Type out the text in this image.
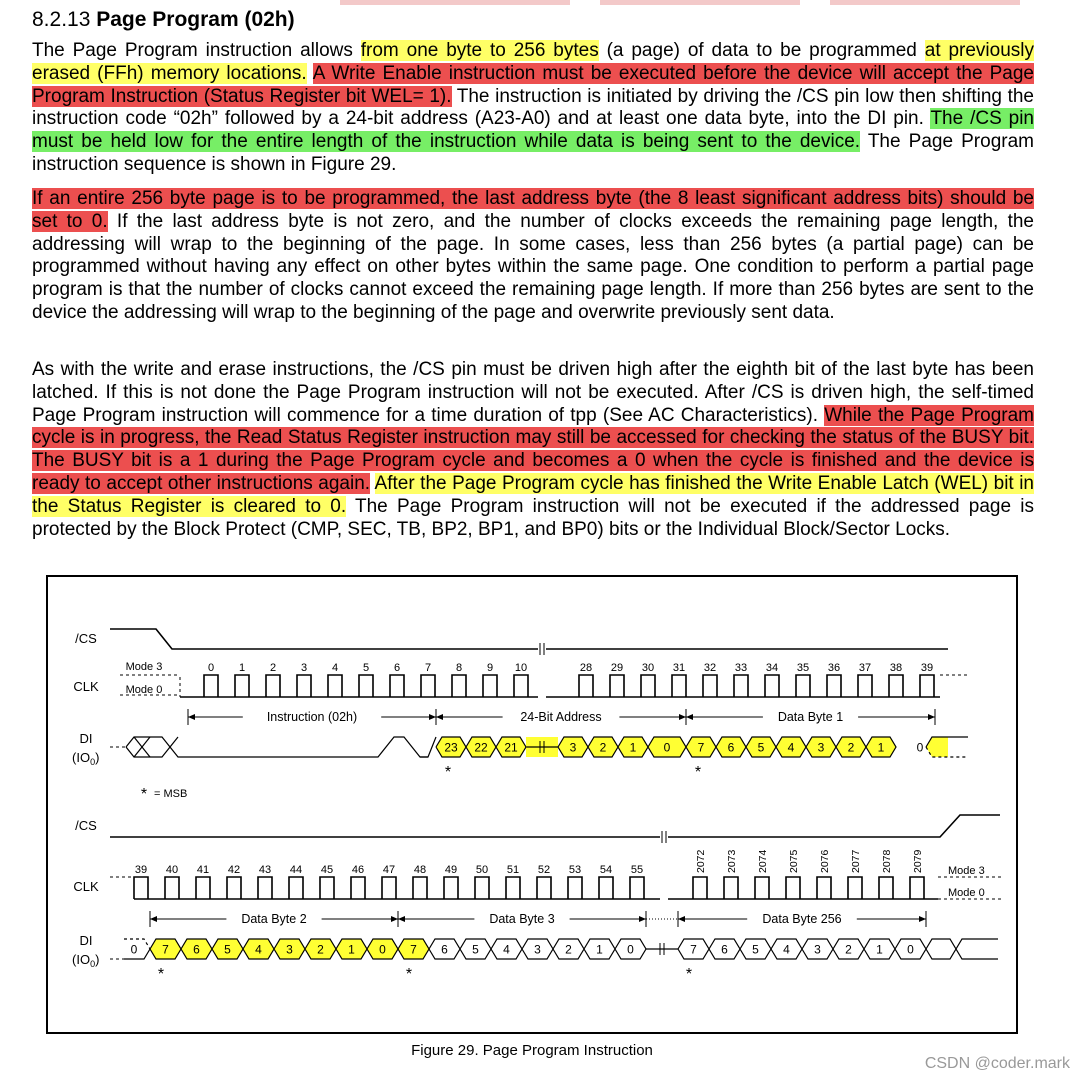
8.2.13 Page Program (02h)

The Page Program instruction allows from one byte to 256 bytes (a page) of data to be programmed at previously erased (FFh) memory locations. A Write Enable instruction must be executed before the device will accept the Page Program Instruction (Status Register bit WEL= 1). The instruction is initiated by driving the /CS pin low then shifting the instruction code “02h” followed by a 24-bit address (A23-A0) and at least one data byte, into the DI pin. The /CS pin must be held low for the entire length of the instruction while data is being sent to the device. The Page Program instruction sequence is shown in Figure 29.

If an entire 256 byte page is to be programmed, the last address byte (the 8 least significant address bits) should be set to 0. If the last address byte is not zero, and the number of clocks exceeds the remaining page length, the addressing will wrap to the beginning of the page. In some cases, less than 256 bytes (a partial page) can be programmed without having any effect on other bytes within the same page. One condition to perform a partial page program is that the number of clocks cannot exceed the remaining page length. If more than 256 bytes are sent to the device the addressing will wrap to the beginning of the page and overwrite previously sent data.

As with the write and erase instructions, the /CS pin must be driven high after the eighth bit of the last byte has been latched. If this is not done the Page Program instruction will not be executed. After /CS is driven high, the self-timed Page Program instruction will commence for a time duration of tpp (See AC Characteristics). While the Page Program cycle is in progress, the Read Status Register instruction may still be accessed for checking the status of the BUSY bit. The BUSY bit is a 1 during the Page Program cycle and becomes a 0 when the cycle is finished and the device is ready to accept other instructions again. After the Page Program cycle has finished the Write Enable Latch (WEL) bit in the Status Register is cleared to 0. The Page Program instruction will not be executed if the addressed page is protected by the Block Protect (CMP, SEC, TB, BP2, BP1, and BP0) bits or the Individual Block/Sector Locks.

/CS
CLK
Mode 3
Mode 0
0 1 2 3 4 5 6 7 8 9 10	28 29 30 31 32 33 34 35 36 37 38 39
Instruction (02h)	24-Bit Address	Data Byte 1
DI
$(IO_0)$
23 22 21	3 2 1 0 7 6 5 4 3 2 1	0
*	*
* = MSB
/CS
CLK
Mode 3
Mode 0
39 40 41 42 43 44 45 46 47 48 49 50 51 52 53 54 55	2072 2073 2074 2075 2076 2077 2078 2079
Data Byte 2	Data Byte 3	Data Byte 256
DI
$(IO_0)$
0 7 6 5 4 3 2 1 0 7 6 5 4 3 2 1 0	7 6 5 4 3 2 1 0
*	*	*
Figure 29. Page Program Instruction
CSDN @coder.mark
